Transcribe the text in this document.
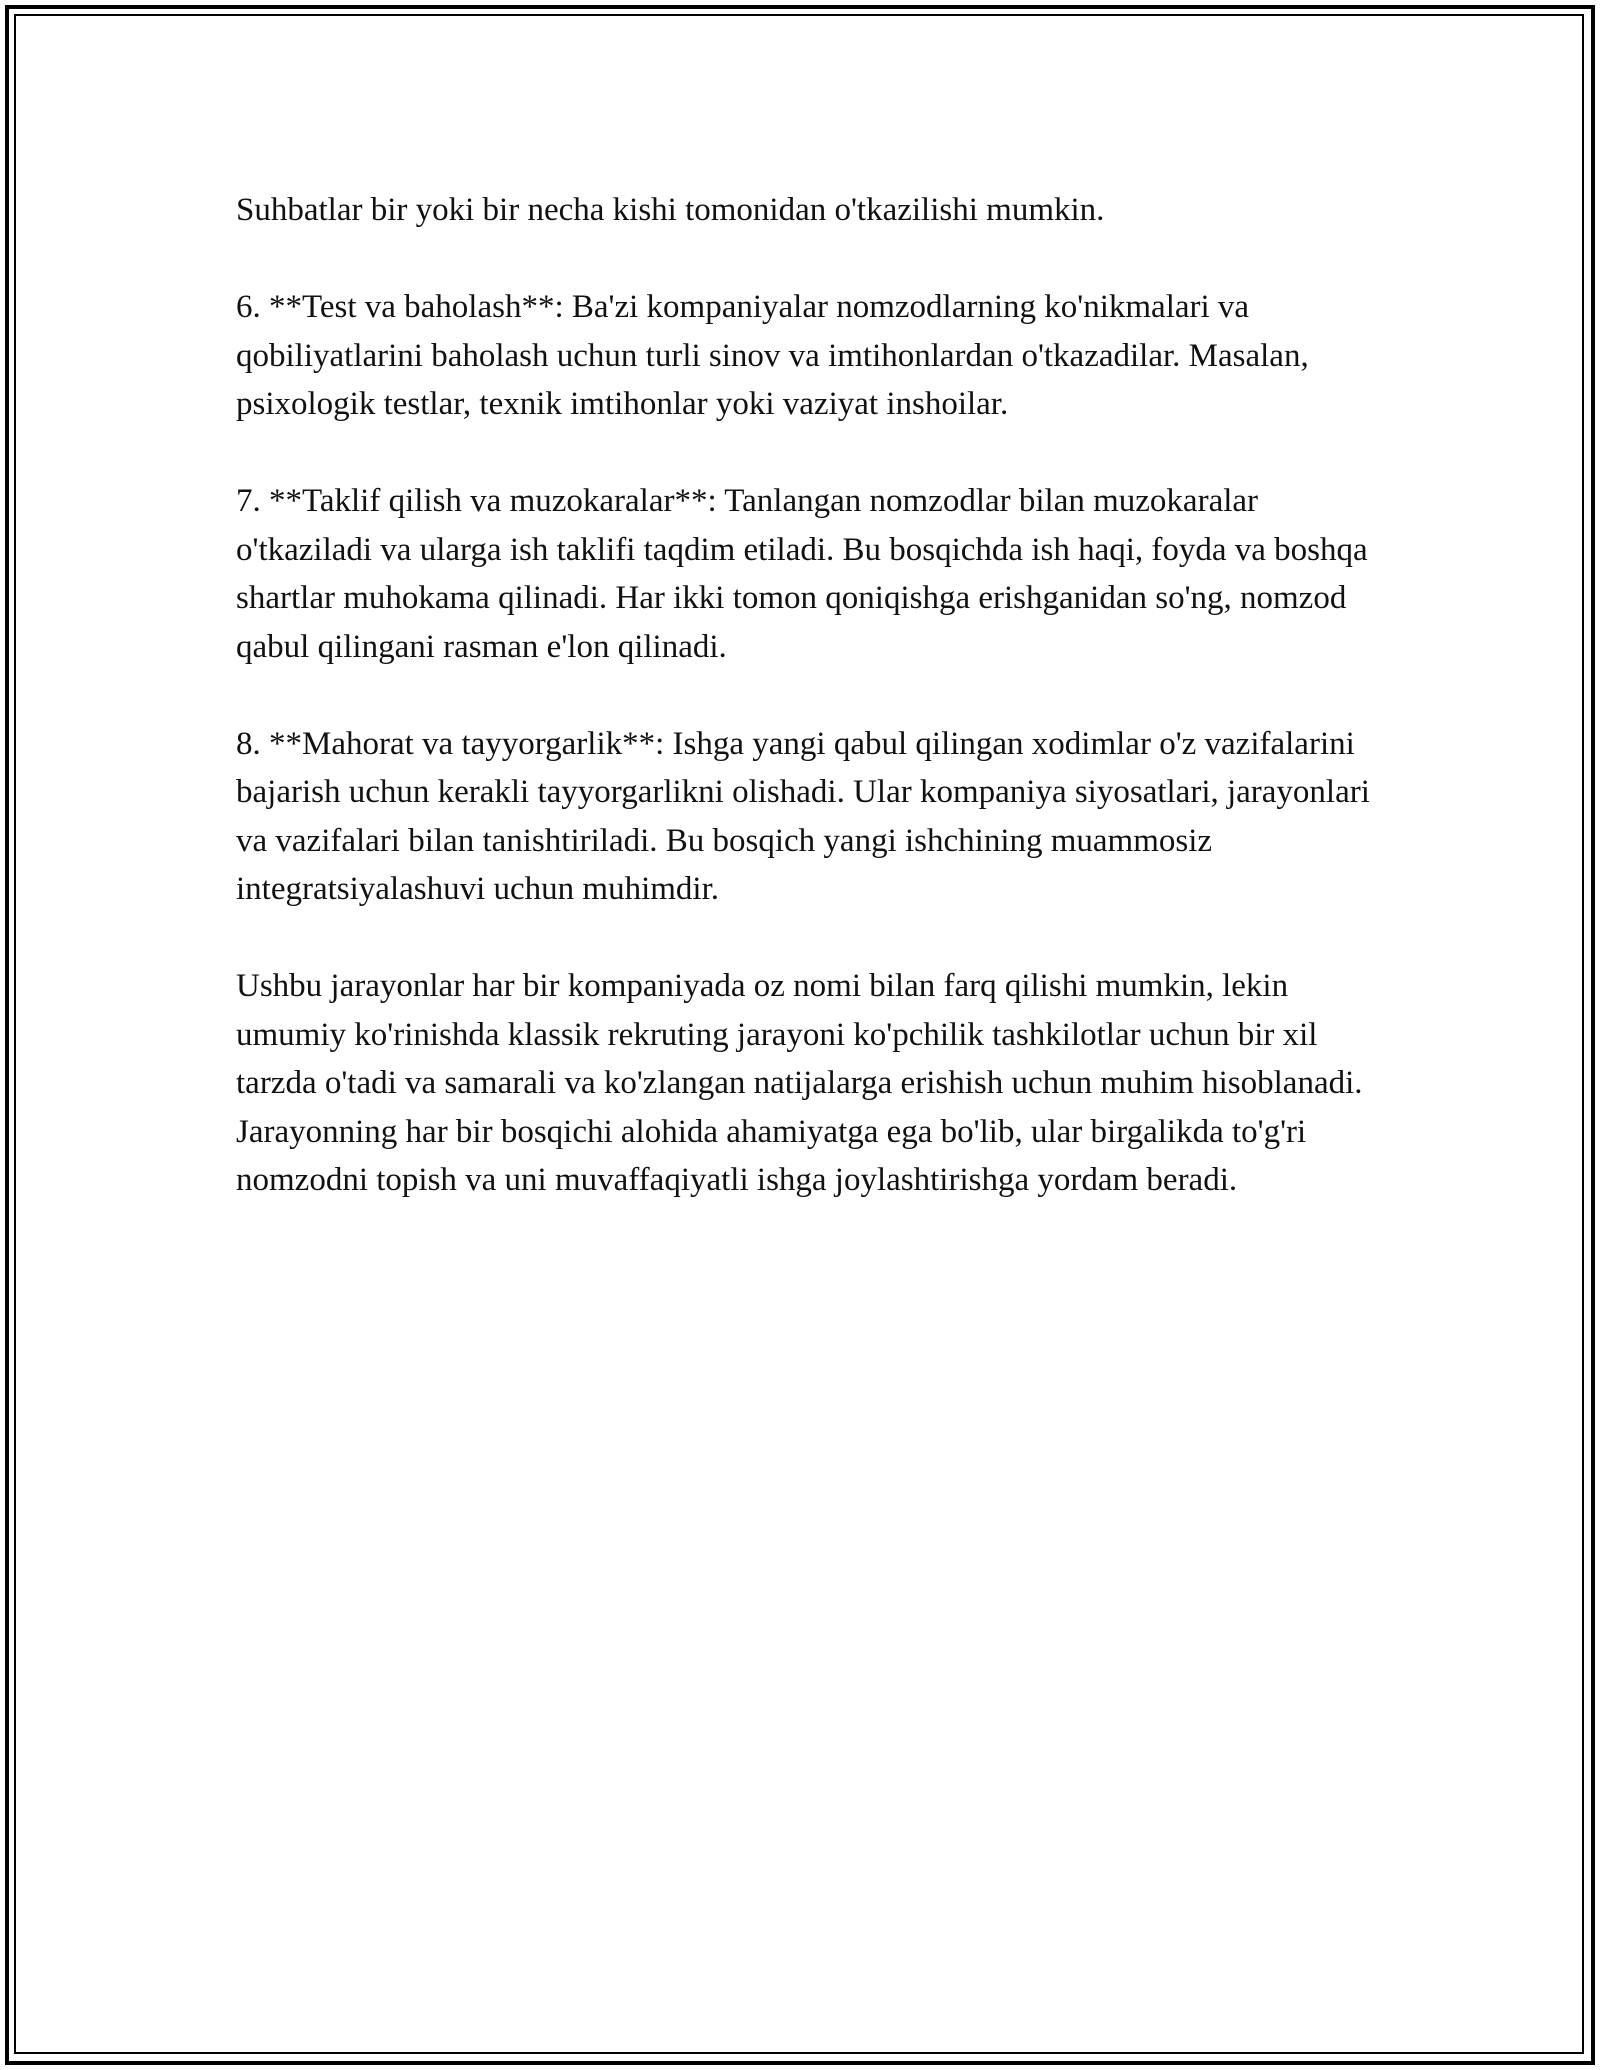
Suhbatlar bir yoki bir necha kishi tomonidan o'tkazilishi mumkin.

6. **Test va baholash**: Ba'zi kompaniyalar nomzodlarning ko'nikmalari va qobiliyatlarini baholash uchun turli sinov va imtihonlardan o'tkazadilar. Masalan, psixologik testlar, texnik imtihonlar yoki vaziyat inshoilar.

7. **Taklif qilish va muzokaralar**: Tanlangan nomzodlar bilan muzokaralar o'tkaziladi va ularga ish taklifi taqdim etiladi. Bu bosqichda ish haqi, foyda va boshqa shartlar muhokama qilinadi. Har ikki tomon qoniqishga erishganidan so'ng, nomzod qabul qilingani rasman e'lon qilinadi.

8. **Mahorat va tayyorgarlik**: Ishga yangi qabul qilingan xodimlar o'z vazifalarini bajarish uchun kerakli tayyorgarlikni olishadi. Ular kompaniya siyosatlari, jarayonlari va vazifalari bilan tanishtiriladi. Bu bosqich yangi ishchining muammosiz integratsiyalashuvi uchun muhimdir.

Ushbu jarayonlar har bir kompaniyada oz nomi bilan farq qilishi mumkin, lekin umumiy ko'rinishda klassik rekruting jarayoni ko'pchilik tashkilotlar uchun bir xil tarzda o'tadi va samarali va ko'zlangan natijalarga erishish uchun muhim hisoblanadi. Jarayonning har bir bosqichi alohida ahamiyatga ega bo'lib, ular birgalikda to'g'ri nomzodni topish va uni muvaffaqiyatli ishga joylashtirishga yordam beradi.
